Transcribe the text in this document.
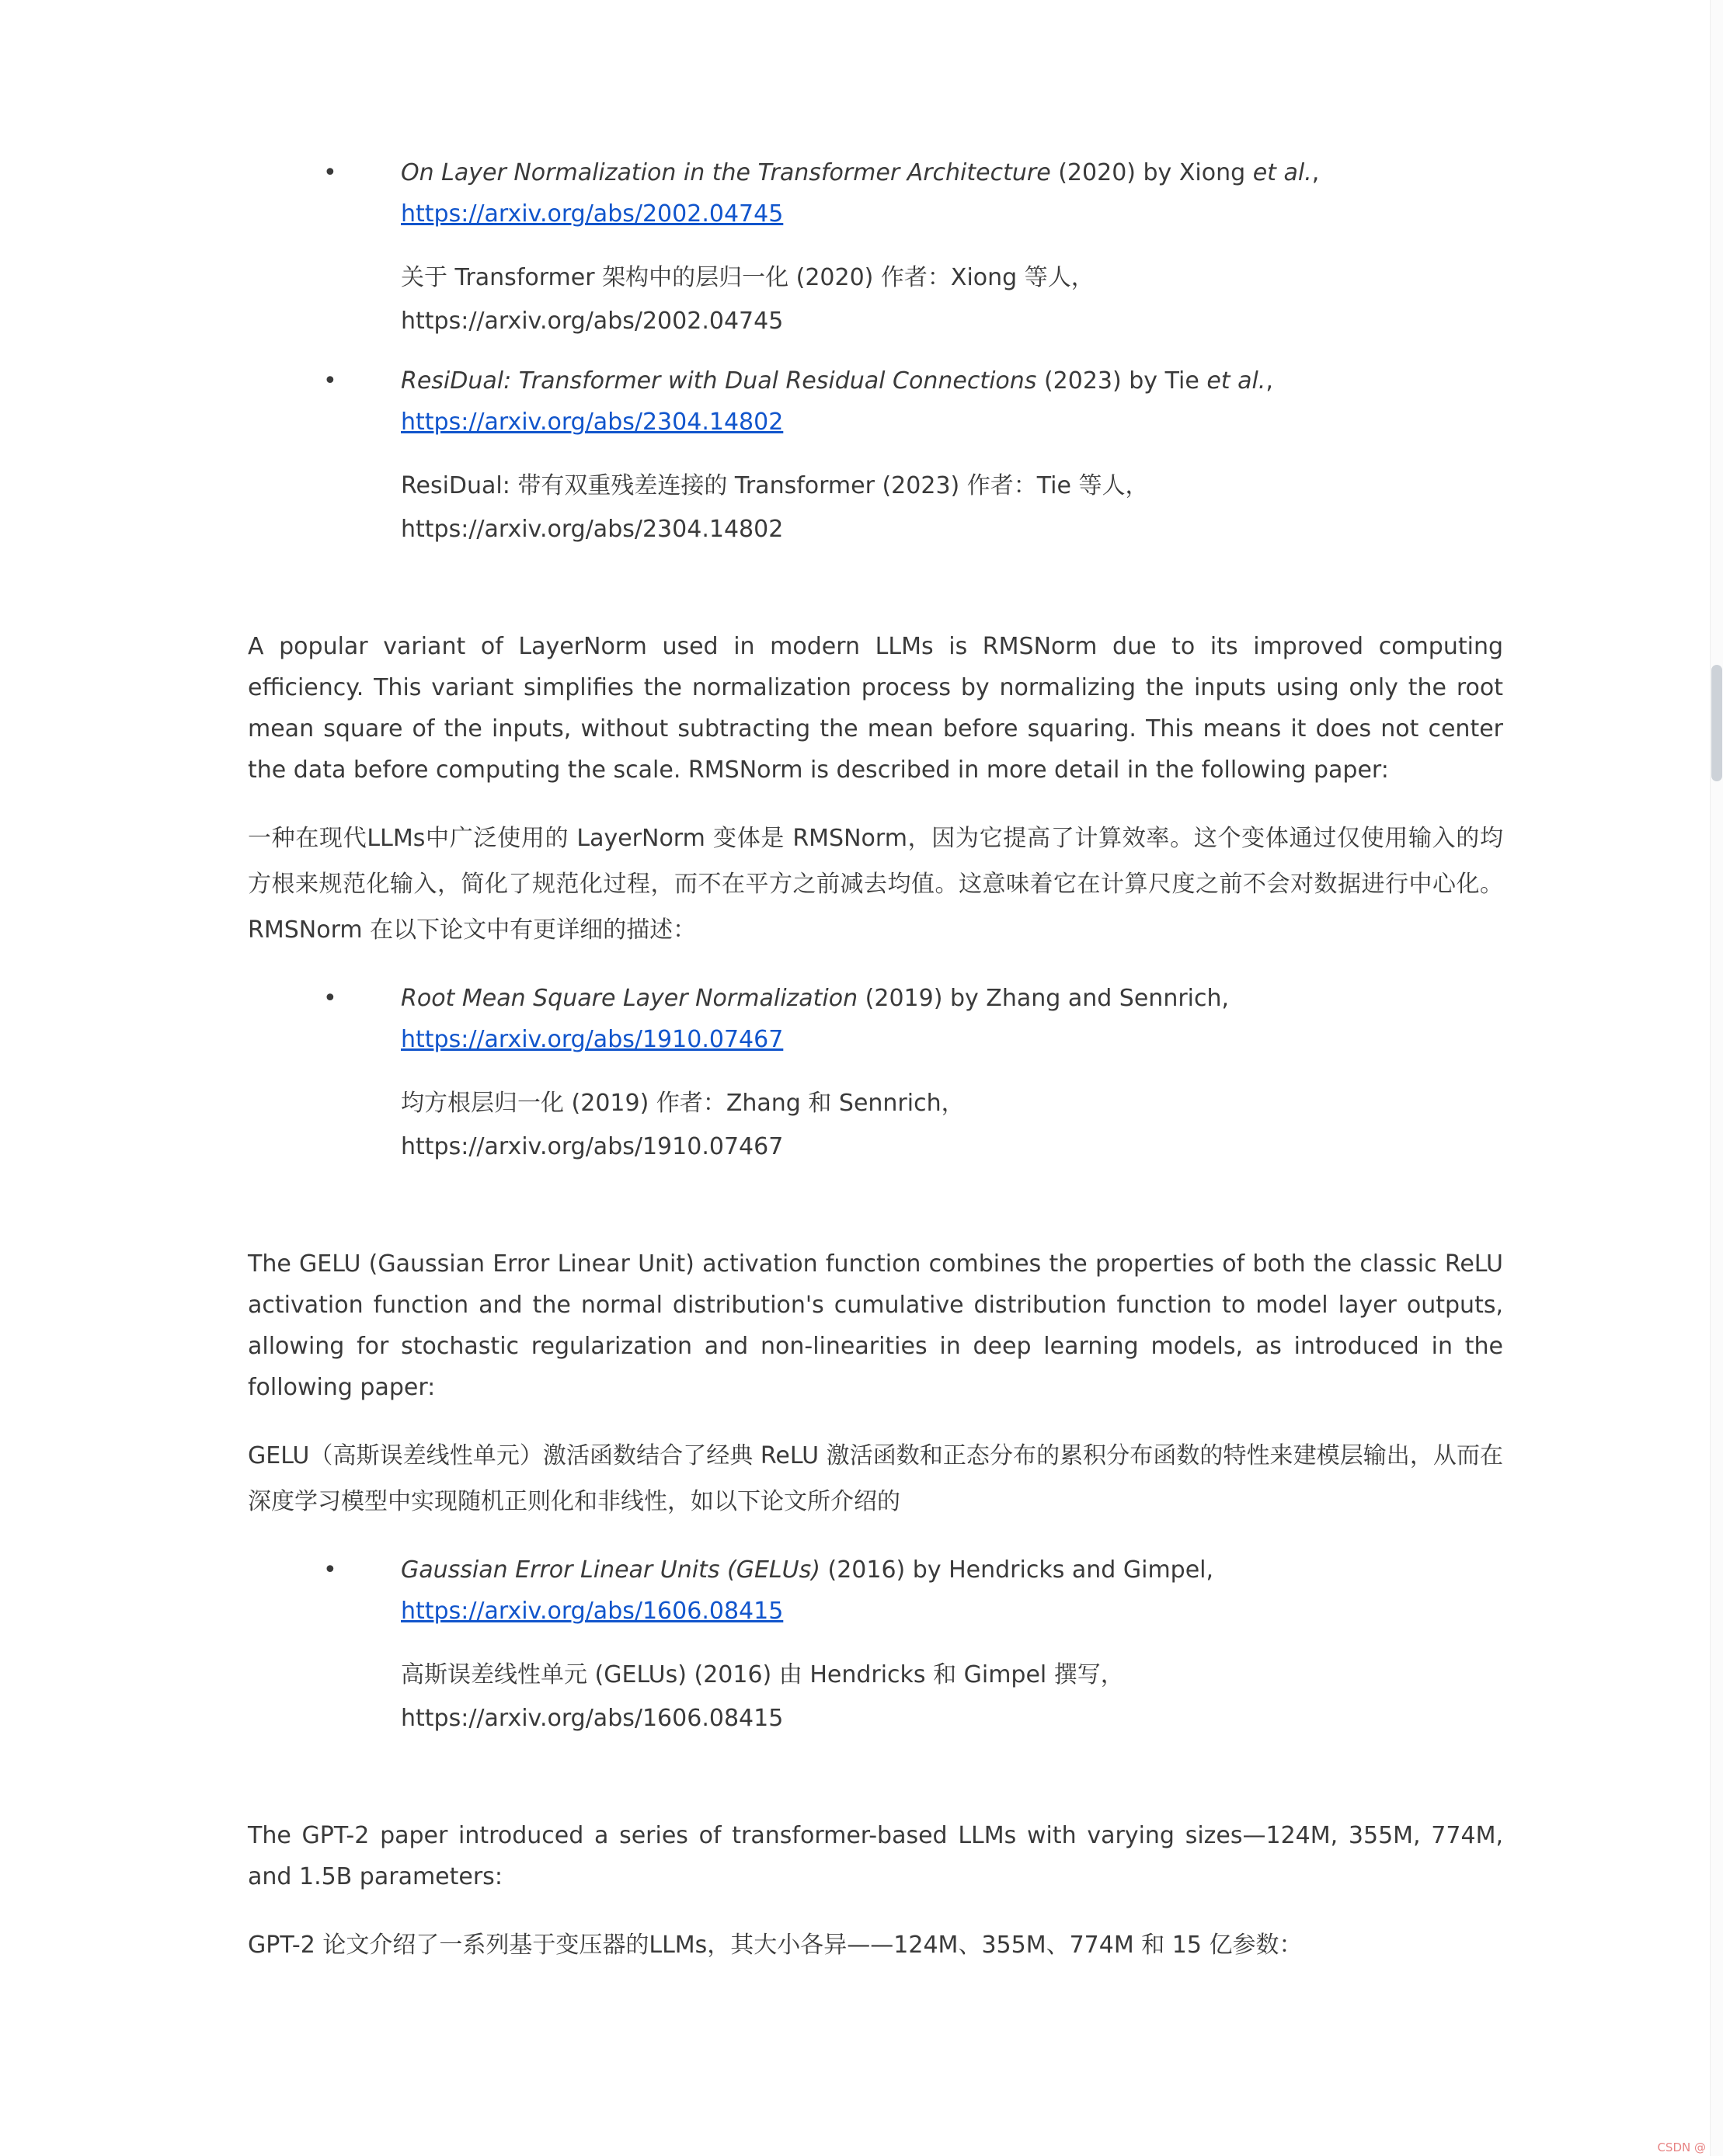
•	On Layer Normalization in the Transformer Architecture (2020) by Xiong et al., https://arxiv.org/abs/2002.04745

关于 Transformer 架构中的层归一化 (2020) 作者：Xiong 等人，
https://arxiv.org/abs/2002.04745

•	ResiDual: Transformer with Dual Residual Connections (2023) by Tie et al., https://arxiv.org/abs/2304.14802

ResiDual: 带有双重残差连接的 Transformer (2023) 作者：Tie 等人，
https://arxiv.org/abs/2304.14802

A popular variant of LayerNorm used in modern LLMs is RMSNorm due to its improved computing efficiency. This variant simplifies the normalization process by normalizing the inputs using only the root mean square of the inputs, without subtracting the mean before squaring. This means it does not center the data before computing the scale. RMSNorm is described in more detail in the following paper:

一种在现代LLMs中广泛使用的 LayerNorm 变体是 RMSNorm，因为它提高了计算效率。这个变体通过仅使用输入的均方根来规范化输入，简化了规范化过程，而不在平方之前减去均值。这意味着它在计算尺度之前不会对数据进行中心化。RMSNorm 在以下论文中有更详细的描述：

•	Root Mean Square Layer Normalization (2019) by Zhang and Sennrich, https://arxiv.org/abs/1910.07467

均方根层归一化 (2019) 作者：Zhang 和 Sennrich，
https://arxiv.org/abs/1910.07467

The GELU (Gaussian Error Linear Unit) activation function combines the properties of both the classic ReLU activation function and the normal distribution's cumulative distribution function to model layer outputs, allowing for stochastic regularization and non-linearities in deep learning models, as introduced in the following paper:

GELU（高斯误差线性单元）激活函数结合了经典 ReLU 激活函数和正态分布的累积分布函数的特性来建模层输出，从而在深度学习模型中实现随机正则化和非线性，如以下论文所介绍的

•	Gaussian Error Linear Units (GELUs) (2016) by Hendricks and Gimpel, https://arxiv.org/abs/1606.08415

高斯误差线性单元 (GELUs) (2016) 由 Hendricks 和 Gimpel 撰写，
https://arxiv.org/abs/1606.08415

The GPT-2 paper introduced a series of transformer-based LLMs with varying sizes—124M, 355M, 774M, and 1.5B parameters:

GPT-2 论文介绍了一系列基于变压器的LLMs，其大小各异——124M、355M、774M 和 15 亿参数：

CSDN @
